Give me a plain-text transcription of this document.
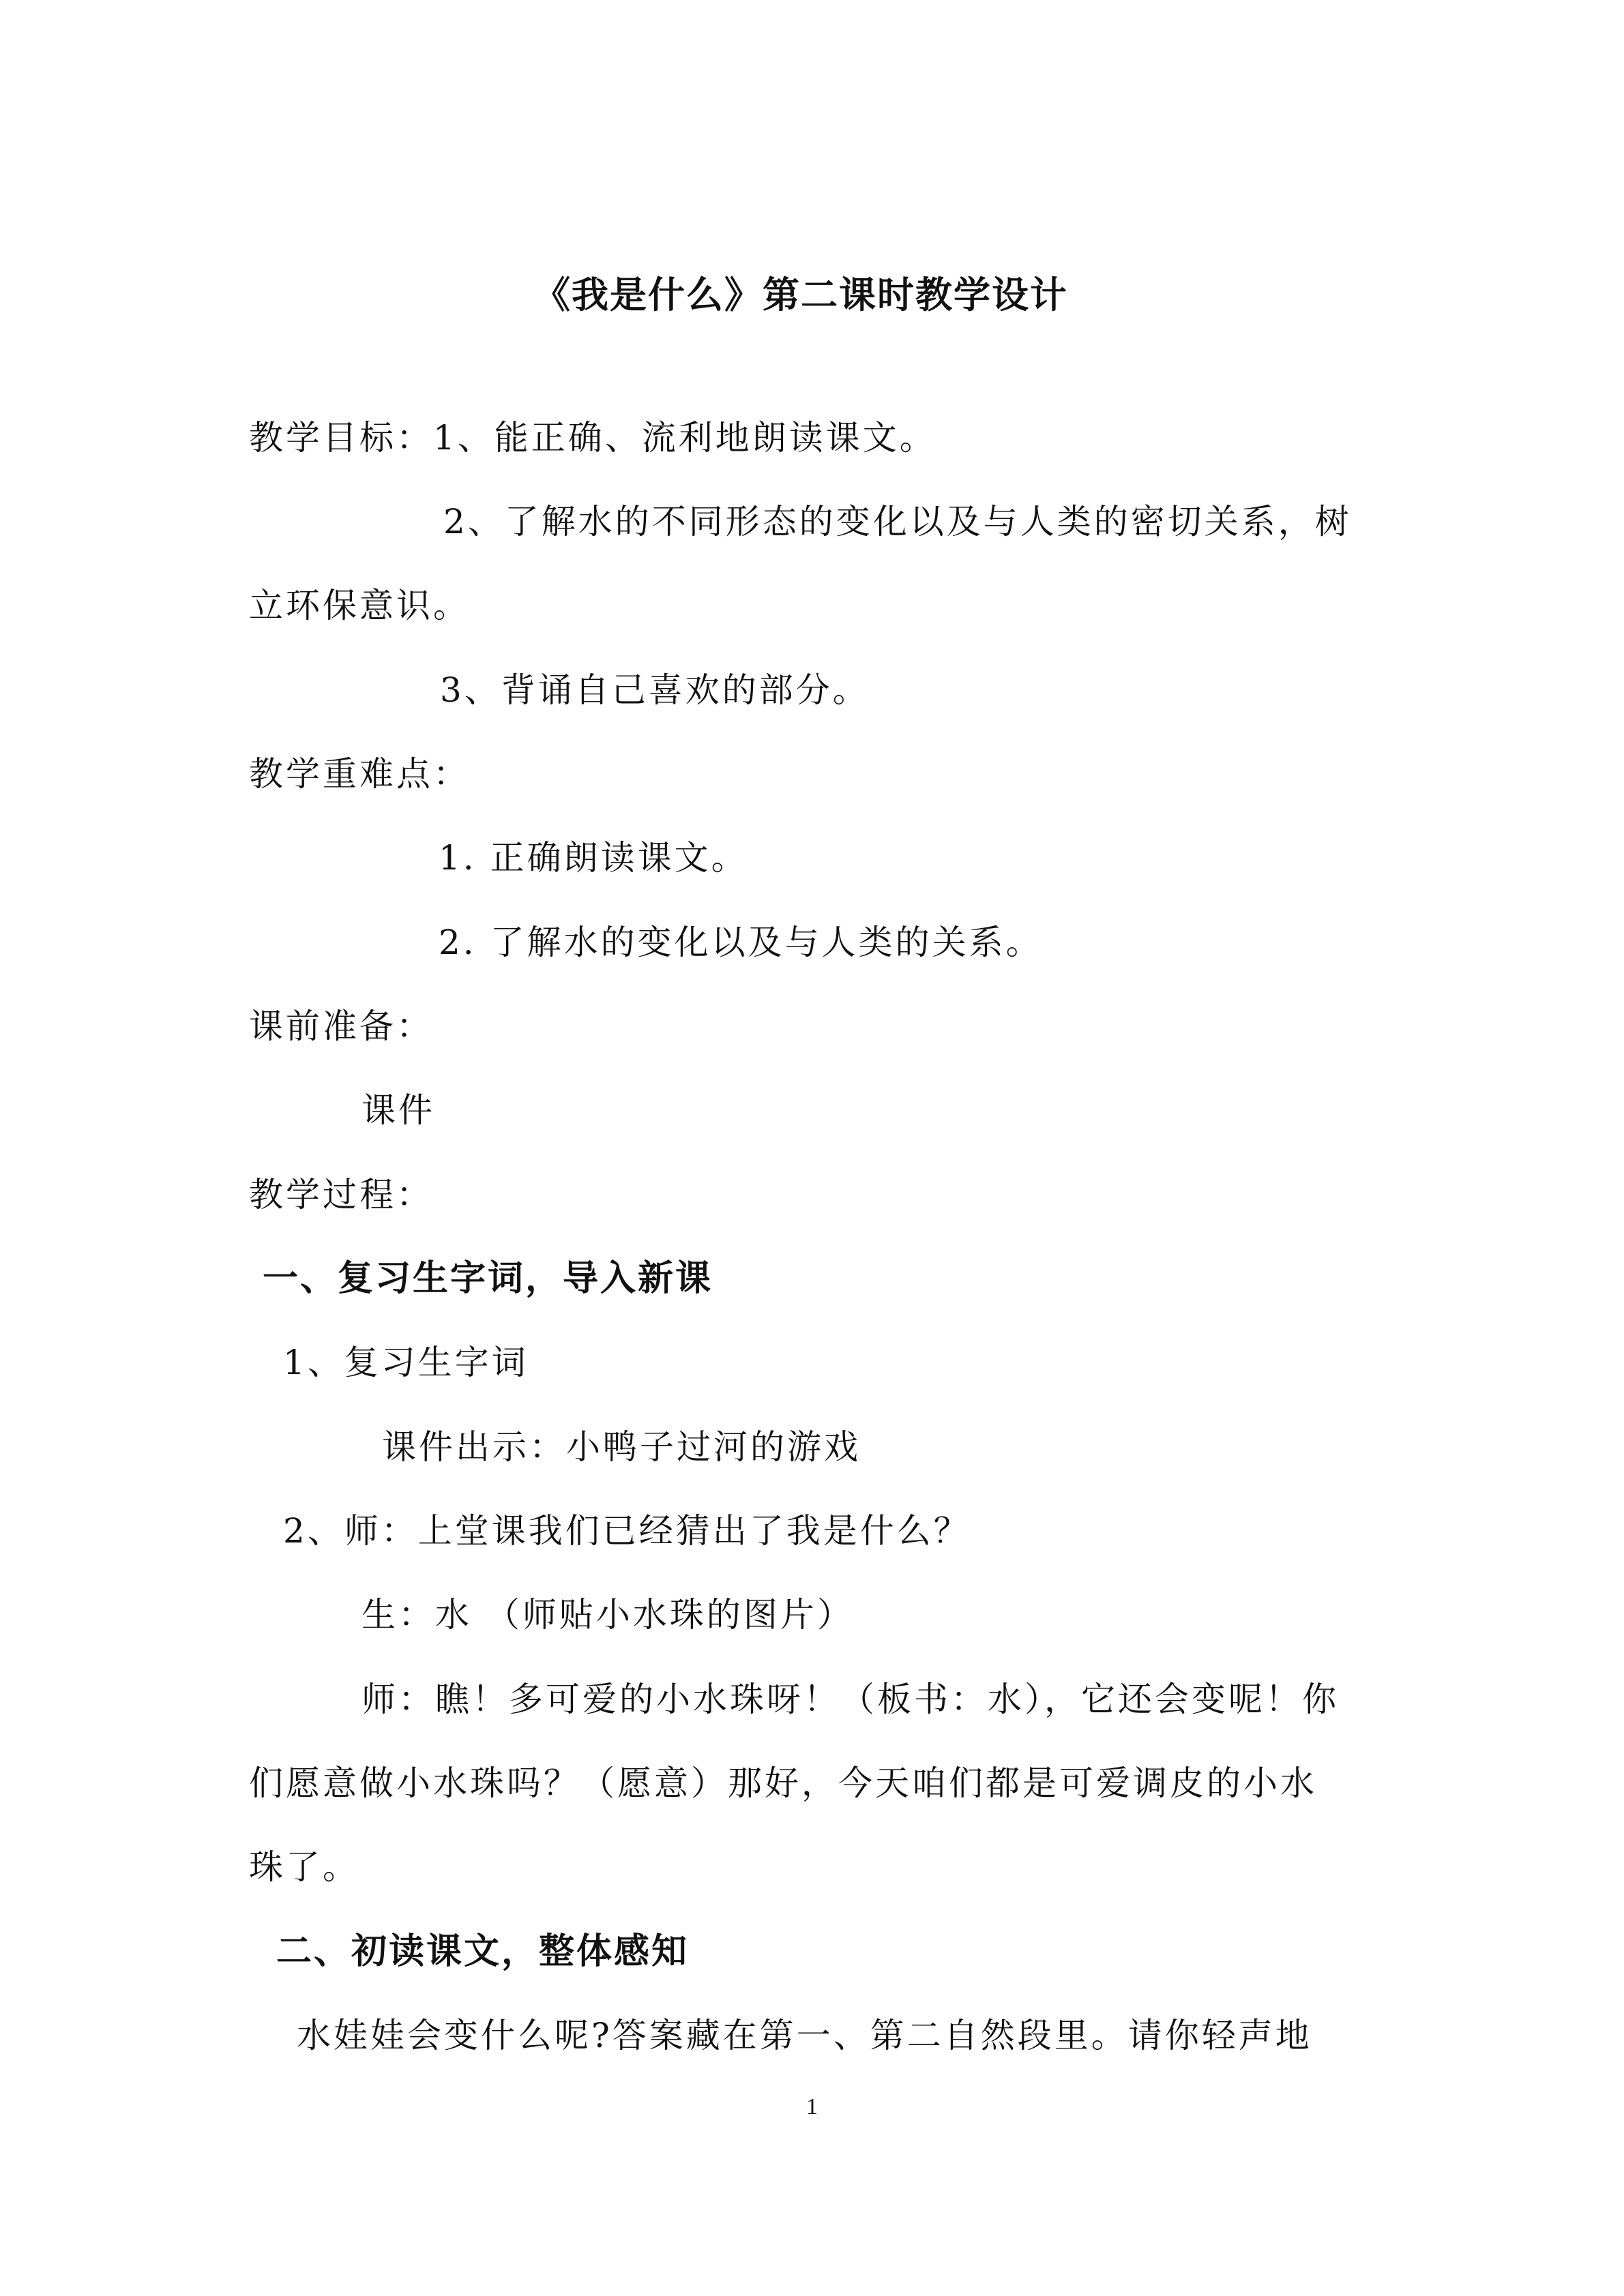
《我是什么》第二课时教学设计
教学目标：1、能正确、流利地朗读课文。
2、了解水的不同形态的变化以及与人类的密切关系，树
立环保意识。
3、背诵自己喜欢的部分。
教学重难点：
1. 正确朗读课文。
2. 了解水的变化以及与人类的关系。
课前准备：
课件
教学过程：
一、复习生字词，导入新课
1、复习生字词
课件出示：小鸭子过河的游戏
2、师：上堂课我们已经猜出了我是什么？
生：水 （师贴小水珠的图片）
师：瞧！多可爱的小水珠呀！（板书：水），它还会变呢！你
们愿意做小水珠吗？（愿意）那好，今天咱们都是可爱调皮的小水
珠了。
二、初读课文，整体感知
水娃娃会变什么呢?答案藏在第一、第二自然段里。请你轻声地
1
